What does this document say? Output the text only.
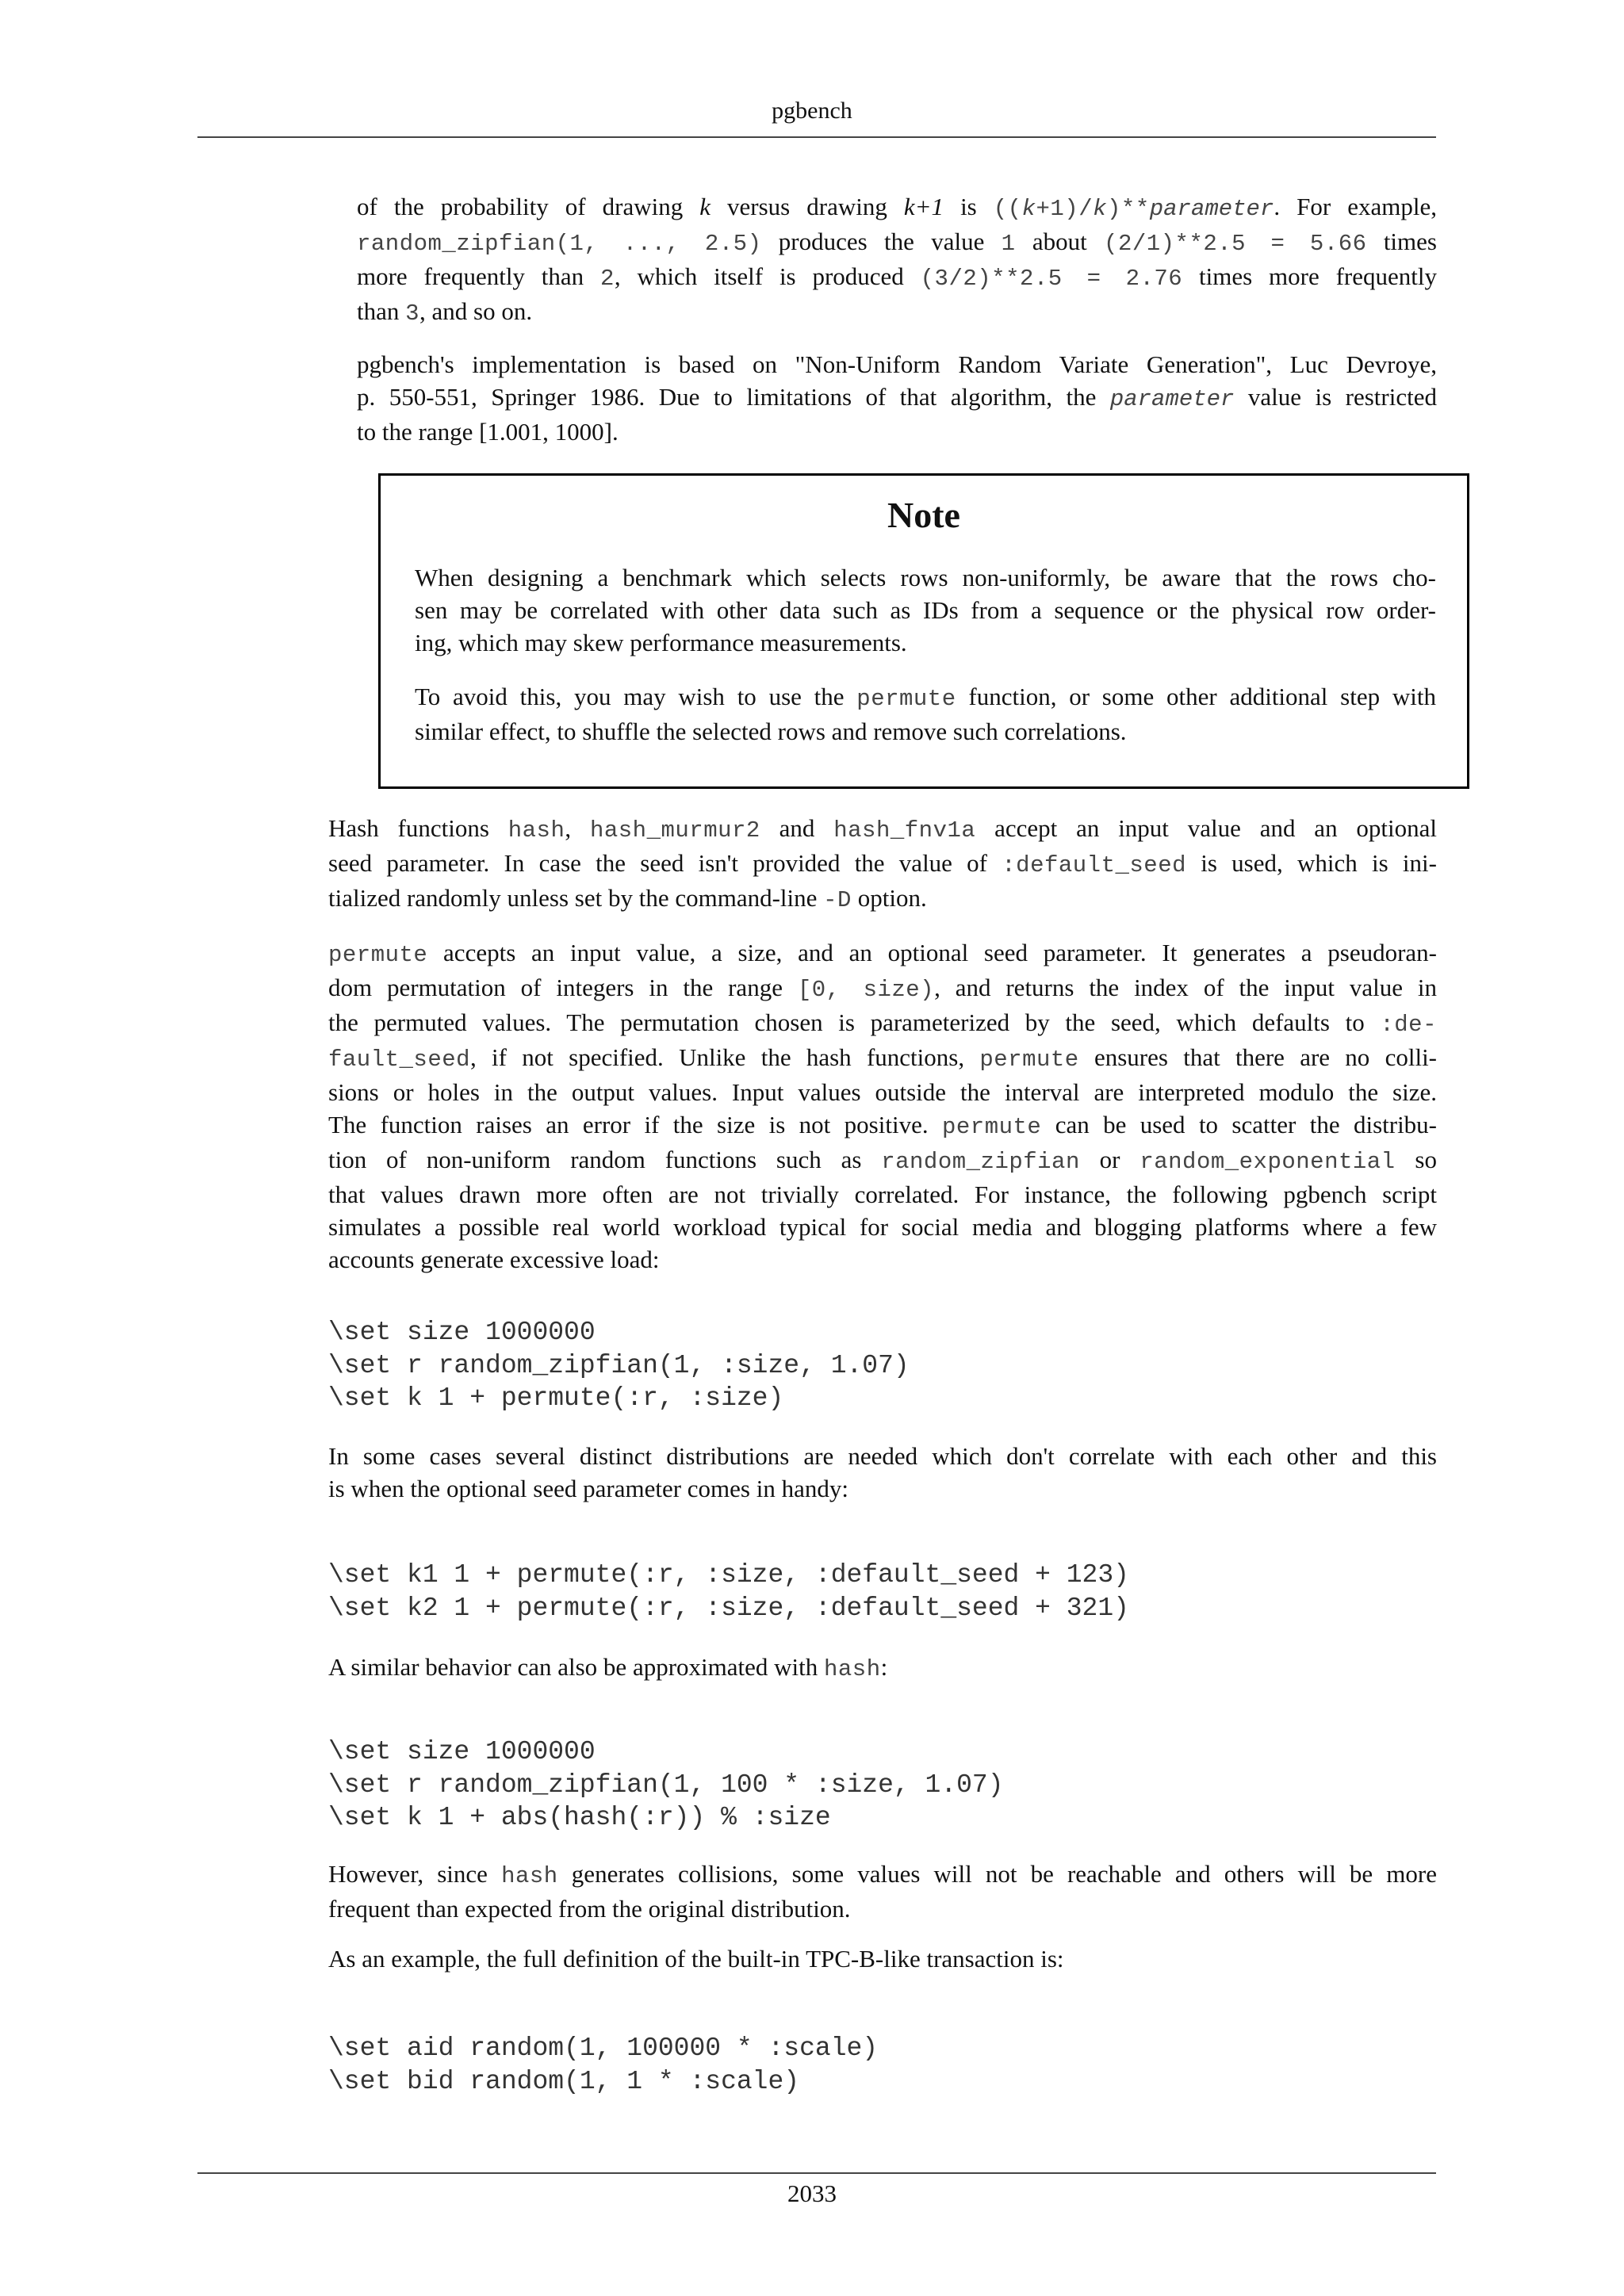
pgbench
of the probability of drawing k versus drawing k+1 is ((k+1)/k)**parameter. For example,
random_zipfian(1, ..., 2.5) produces the value 1 about (2/1)**2.5 = 5.66 times
more frequently than 2, which itself is produced (3/2)**2.5 = 2.76 times more frequently
than 3, and so on.
pgbench's implementation is based on "Non-Uniform Random Variate Generation", Luc Devroye,
p. 550-551, Springer 1986. Due to limitations of that algorithm, the parameter value is restricted
to the range [1.001, 1000].
Note
When designing a benchmark which selects rows non-uniformly, be aware that the rows cho-
sen may be correlated with other data such as IDs from a sequence or the physical row order-
ing, which may skew performance measurements.
To avoid this, you may wish to use the permute function, or some other additional step with
similar effect, to shuffle the selected rows and remove such correlations.
Hash functions hash, hash_murmur2 and hash_fnv1a accept an input value and an optional
seed parameter. In case the seed isn't provided the value of :default_seed is used, which is ini-
tialized randomly unless set by the command-line -D option.
permute accepts an input value, a size, and an optional seed parameter. It generates a pseudoran-
dom permutation of integers in the range [0, size), and returns the index of the input value in
the permuted values. The permutation chosen is parameterized by the seed, which defaults to :de-
fault_seed, if not specified. Unlike the hash functions, permute ensures that there are no colli-
sions or holes in the output values. Input values outside the interval are interpreted modulo the size.
The function raises an error if the size is not positive. permute can be used to scatter the distribu-
tion of non-uniform random functions such as random_zipfian or random_exponential so
that values drawn more often are not trivially correlated. For instance, the following pgbench script
simulates a possible real world workload typical for social media and blogging platforms where a few
accounts generate excessive load:
\set size 1000000
\set r random_zipfian(1, :size, 1.07)
\set k 1 + permute(:r, :size)
In some cases several distinct distributions are needed which don't correlate with each other and this
is when the optional seed parameter comes in handy:
\set k1 1 + permute(:r, :size, :default_seed + 123)
\set k2 1 + permute(:r, :size, :default_seed + 321)
A similar behavior can also be approximated with hash:
\set size 1000000
\set r random_zipfian(1, 100 * :size, 1.07)
\set k 1 + abs(hash(:r)) % :size
However, since hash generates collisions, some values will not be reachable and others will be more
frequent than expected from the original distribution.
As an example, the full definition of the built-in TPC-B-like transaction is:
\set aid random(1, 100000 * :scale)
\set bid random(1, 1 * :scale)
2033
